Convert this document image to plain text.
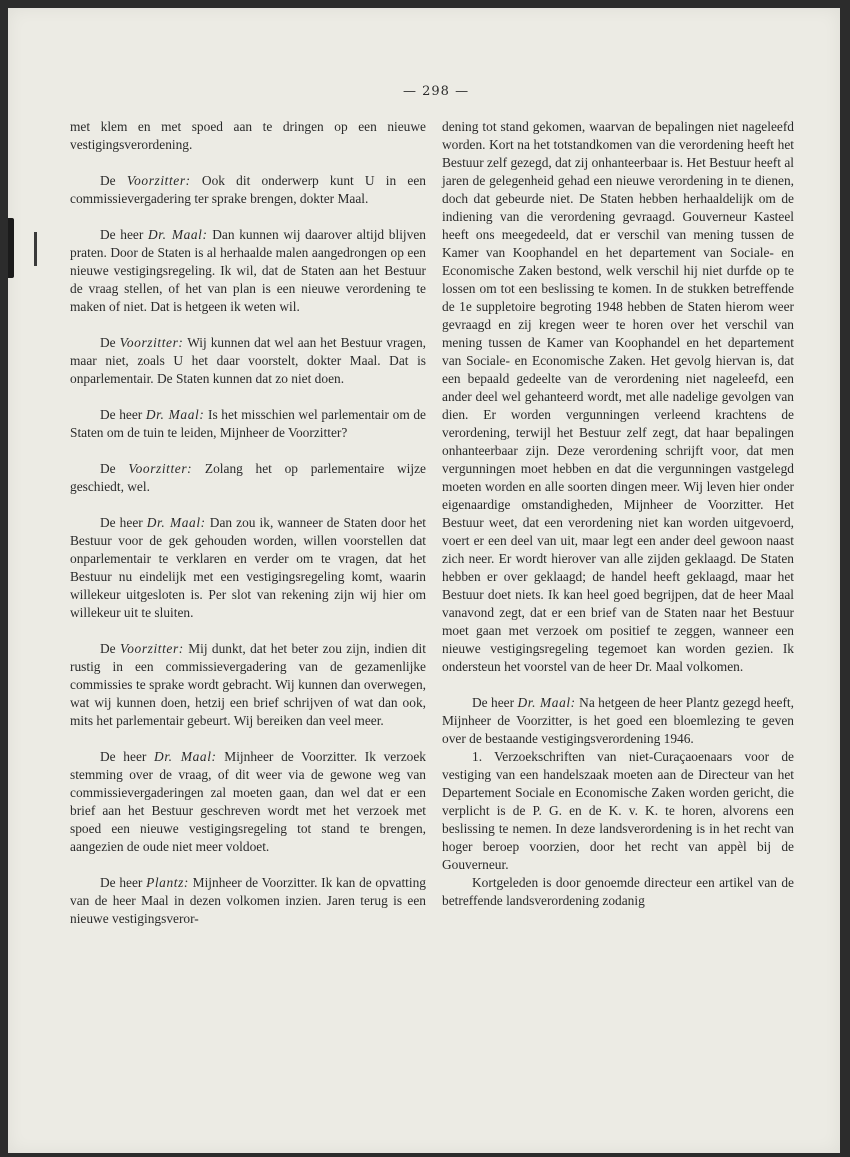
— 298 —

met klem en met spoed aan te dringen op een nieuwe vestigingsverordening.

De Voorzitter: Ook dit onderwerp kunt U in een commissievergadering ter sprake brengen, dokter Maal.

De heer Dr. Maal: Dan kunnen wij daarover altijd blijven praten. Door de Staten is al herhaalde malen aangedrongen op een nieuwe vestigingsregeling. Ik wil, dat de Staten aan het Bestuur de vraag stellen, of het van plan is een nieuwe verordening te maken of niet. Dat is hetgeen ik weten wil.

De Voorzitter: Wij kunnen dat wel aan het Bestuur vragen, maar niet, zoals U het daar voorstelt, dokter Maal. Dat is onparlementair. De Staten kunnen dat zo niet doen.

De heer Dr. Maal: Is het misschien wel parlementair om de Staten om de tuin te leiden, Mijnheer de Voorzitter?

De Voorzitter: Zolang het op parlementaire wijze geschiedt, wel.

De heer Dr. Maal: Dan zou ik, wanneer de Staten door het Bestuur voor de gek gehouden worden, willen voorstellen dat onparlementair te verklaren en verder om te vragen, dat het Bestuur nu eindelijk met een vestigingsregeling komt, waarin willekeur uitgesloten is. Per slot van rekening zijn wij hier om willekeur uit te sluiten.

De Voorzitter: Mij dunkt, dat het beter zou zijn, indien dit rustig in een commissievergadering van de gezamenlijke commissies te sprake wordt gebracht. Wij kunnen dan overwegen, wat wij kunnen doen, hetzij een brief schrijven of wat dan ook, mits het parlementair gebeurt. Wij bereiken dan veel meer.

De heer Dr. Maal: Mijnheer de Voorzitter. Ik verzoek stemming over de vraag, of dit weer via de gewone weg van commissievergaderingen zal moeten gaan, dan wel dat er een brief aan het Bestuur geschreven wordt met het verzoek met spoed een nieuwe vestigingsregeling tot stand te brengen, aangezien de oude niet meer voldoet.

De heer Plantz: Mijnheer de Voorzitter. Ik kan de opvatting van de heer Maal in dezen volkomen inzien. Jaren terug is een nieuwe vestigingsveror-

dening tot stand gekomen, waarvan de bepalingen niet nageleefd worden. Kort na het totstandkomen van die verordening heeft het Bestuur zelf gezegd, dat zij onhanteerbaar is. Het Bestuur heeft al jaren de gelegenheid gehad een nieuwe verordening in te dienen, doch dat gebeurde niet. De Staten hebben herhaaldelijk om de indiening van die verordening gevraagd. Gouverneur Kasteel heeft ons meegedeeld, dat er verschil van mening tussen de Kamer van Koophandel en het departement van Sociale- en Economische Zaken bestond, welk verschil hij niet durfde op te lossen om tot een beslissing te komen. In de stukken betreffende de 1e suppletoire begroting 1948 hebben de Staten hierom weer gevraagd en zij kregen weer te horen over het verschil van mening tussen de Kamer van Koophandel en het departement van Sociale- en Economische Zaken. Het gevolg hiervan is, dat een bepaald gedeelte van de verordening niet nageleefd, een ander deel wel gehanteerd wordt, met alle nadelige gevolgen van dien. Er worden vergunningen verleend krachtens de verordening, terwijl het Bestuur zelf zegt, dat haar bepalingen onhanteerbaar zijn. Deze verordening schrijft voor, dat men vergunningen moet hebben en dat die vergunningen vastgelegd moeten worden en alle soorten dingen meer. Wij leven hier onder eigenaardige omstandigheden, Mijnheer de Voorzitter. Het Bestuur weet, dat een verordening niet kan worden uitgevoerd, voert er een deel van uit, maar legt een ander deel gewoon naast zich neer. Er wordt hierover van alle zijden geklaagd. De Staten hebben er over geklaagd; de handel heeft geklaagd, maar het Bestuur doet niets. Ik kan heel goed begrijpen, dat de heer Maal vanavond zegt, dat er een brief van de Staten naar het Bestuur moet gaan met verzoek om positief te zeggen, wanneer een nieuwe vestigingsregeling tegemoet kan worden gezien. Ik ondersteun het voorstel van de heer Dr. Maal volkomen.

De heer Dr. Maal: Na hetgeen de heer Plantz gezegd heeft, Mijnheer de Voorzitter, is het goed een bloemlezing te geven over de bestaande vestigingsverordening 1946.

1. Verzoekschriften van niet-Curaçaoenaars voor de vestiging van een handelszaak moeten aan de Directeur van het Departement Sociale en Economische Zaken worden gericht, die verplicht is de P. G. en de K. v. K. te horen, alvorens een beslissing te nemen. In deze landsverordening is in het recht van hoger beroep voorzien, door het recht van appèl bij de Gouverneur.

Kortgeleden is door genoemde directeur een artikel van de betreffende landsverordening zodanig
